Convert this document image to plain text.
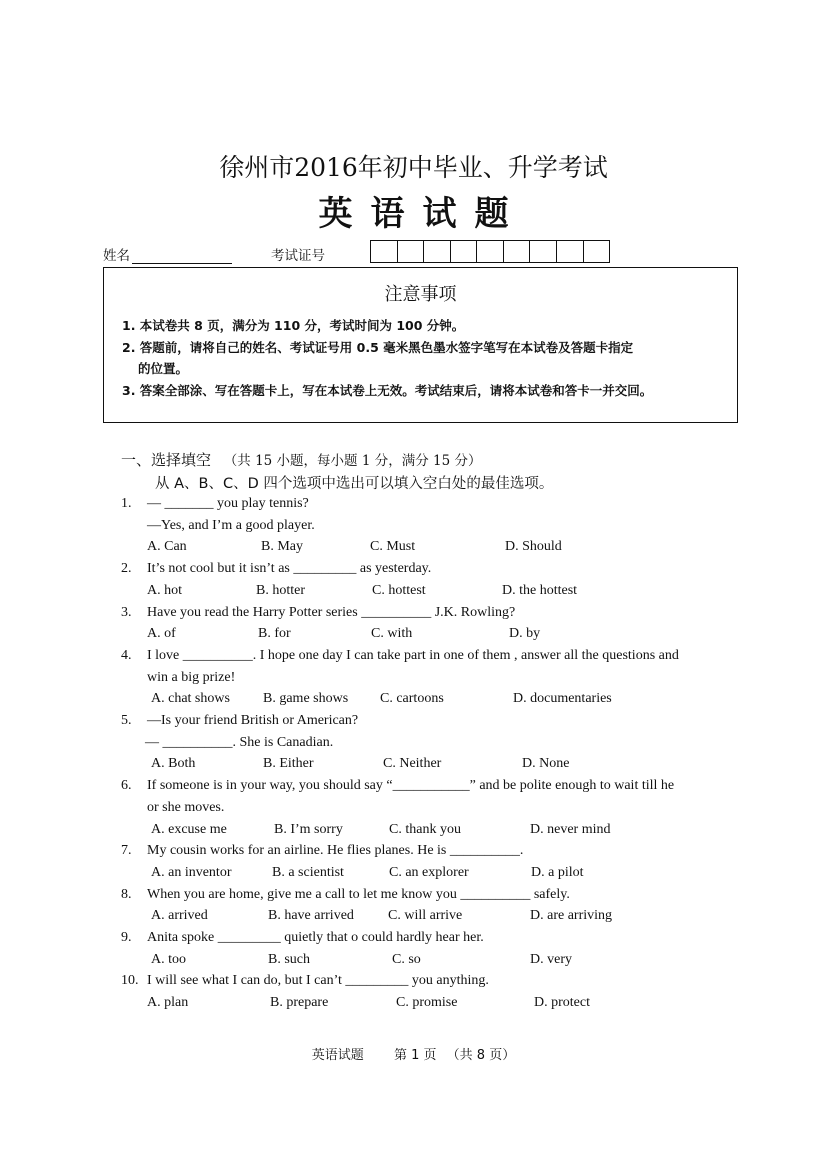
徐州市2016年初中毕业、升学考试
英语试题
姓名	考试证号
注意事项
1. 本试卷共 8 页，满分为 110 分，考试时间为 100 分钟。
2. 答题前，请将自己的姓名、考试证号用 0.5 毫米黑色墨水签字笔写在本试卷及答题卡指定
的位置。
3. 答案全部涂、写在答题卡上，写在本试卷上无效。考试结束后，请将本试卷和答卡一并交回。
一、选择填空 （共 15 小题，每小题 1 分，满分 15 分）
从 A、B、C、D 四个选项中选出可以填入空白处的最佳选项。
1. — _______ you play tennis?
—Yes, and I’m a good player.
A. Can	B. May	C. Must	D. Should
2. It’s not cool but it isn’t as _________ as yesterday.
A. hot	B. hotter	C. hottest	D. the hottest
3. Have you read the Harry Potter series __________ J.K. Rowling?
A. of	B. for	C. with	D. by
4. I love __________. I hope one day I can take part in one of them , answer all the questions and
win a big prize!
A. chat shows B. game shows C. cartoons	D. documentaries
5. —Is your friend British or American?
— __________. She is Canadian.
A. Both	B. Either	C. Neither	D. None
6. If someone is in your way, you should say “___________” and be polite enough to wait till he
or she moves.
A. excuse me	B. I’m sorry	C. thank you	D. never mind
7. My cousin works for an airline. He flies planes. He is __________.
A. an inventor	B. a scientist	C. an explorer	D. a pilot
8. When you are home, give me a call to let me know you __________ safely.
A. arrived	B. have arrived C. will arrive	D. are arriving
9. Anita spoke _________ quietly that o could hardly hear her.
A. too	B. such	C. so	D. very
10. I will see what I can do, but I can’t _________ you anything.
A. plan	B. prepare	C. promise	D. protect
英语试题 第 1 页 （共 8 页）
